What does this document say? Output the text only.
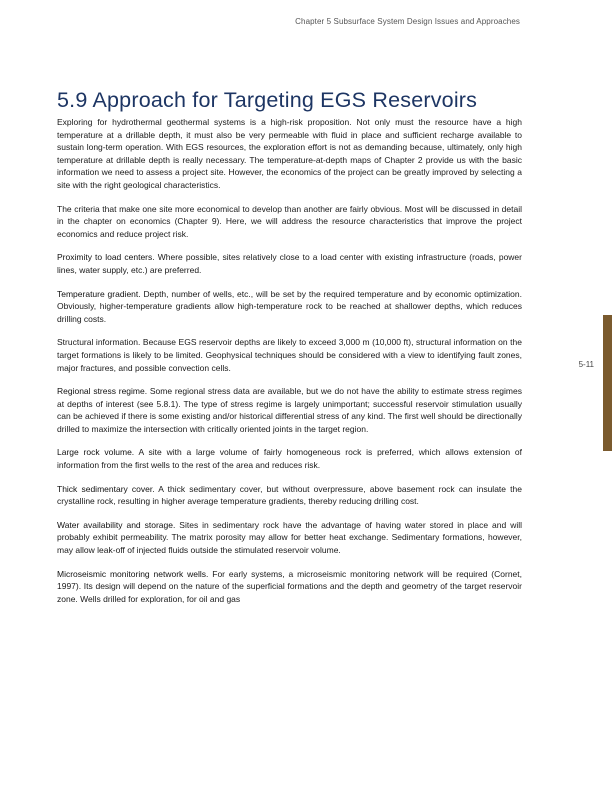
Chapter 5 Subsurface System Design Issues and Approaches
5.9 Approach for Targeting EGS Reservoirs

Exploring for hydrothermal geothermal systems is a high-risk proposition. Not only must the resource have a high temperature at a drillable depth, it must also be very permeable with fluid in place and sufficient recharge available to sustain long-term operation. With EGS resources, the exploration effort is not as demanding because, ultimately, only high temperature at drillable depth is really necessary. The temperature-at-depth maps of Chapter 2 provide us with the basic information we need to assess a project site. However, the economics of the project can be greatly improved by selecting a site with the right geological characteristics.

The criteria that make one site more economical to develop than another are fairly obvious. Most will be discussed in detail in the chapter on economics (Chapter 9). Here, we will address the resource characteristics that improve the project economics and reduce project risk.

Proximity to load centers. Where possible, sites relatively close to a load center with existing infrastructure (roads, power lines, water supply, etc.) are preferred.

Temperature gradient. Depth, number of wells, etc., will be set by the required temperature and by economic optimization. Obviously, higher-temperature gradients allow high-temperature rock to be reached at shallower depths, which reduces drilling costs.

Structural information. Because EGS reservoir depths are likely to exceed 3,000 m (10,000 ft), structural information on the target formations is likely to be limited. Geophysical techniques should be considered with a view to identifying fault zones, major fractures, and possible convection cells.

Regional stress regime. Some regional stress data are available, but we do not have the ability to estimate stress regimes at depths of interest (see 5.8.1). The type of stress regime is largely unimportant; successful reservoir stimulation usually can be achieved if there is some existing and/or historical differential stress of any kind. The first well should be directionally drilled to maximize the intersection with critically oriented joints in the target region.

Large rock volume. A site with a large volume of fairly homogeneous rock is preferred, which allows extension of information from the first wells to the rest of the area and reduces risk.

Thick sedimentary cover. A thick sedimentary cover, but without overpressure, above basement rock can insulate the crystalline rock, resulting in higher average temperature gradients, thereby reducing drilling cost.

Water availability and storage. Sites in sedimentary rock have the advantage of having water stored in place and will probably exhibit permeability. The matrix porosity may allow for better heat exchange. Sedimentary formations, however, may allow leak-off of injected fluids outside the stimulated reservoir volume.

Microseismic monitoring network wells. For early systems, a microseismic monitoring network will be required (Cornet, 1997). Its design will depend on the nature of the superficial formations and the depth and geometry of the target reservoir zone. Wells drilled for exploration, for oil and gas

5-11
